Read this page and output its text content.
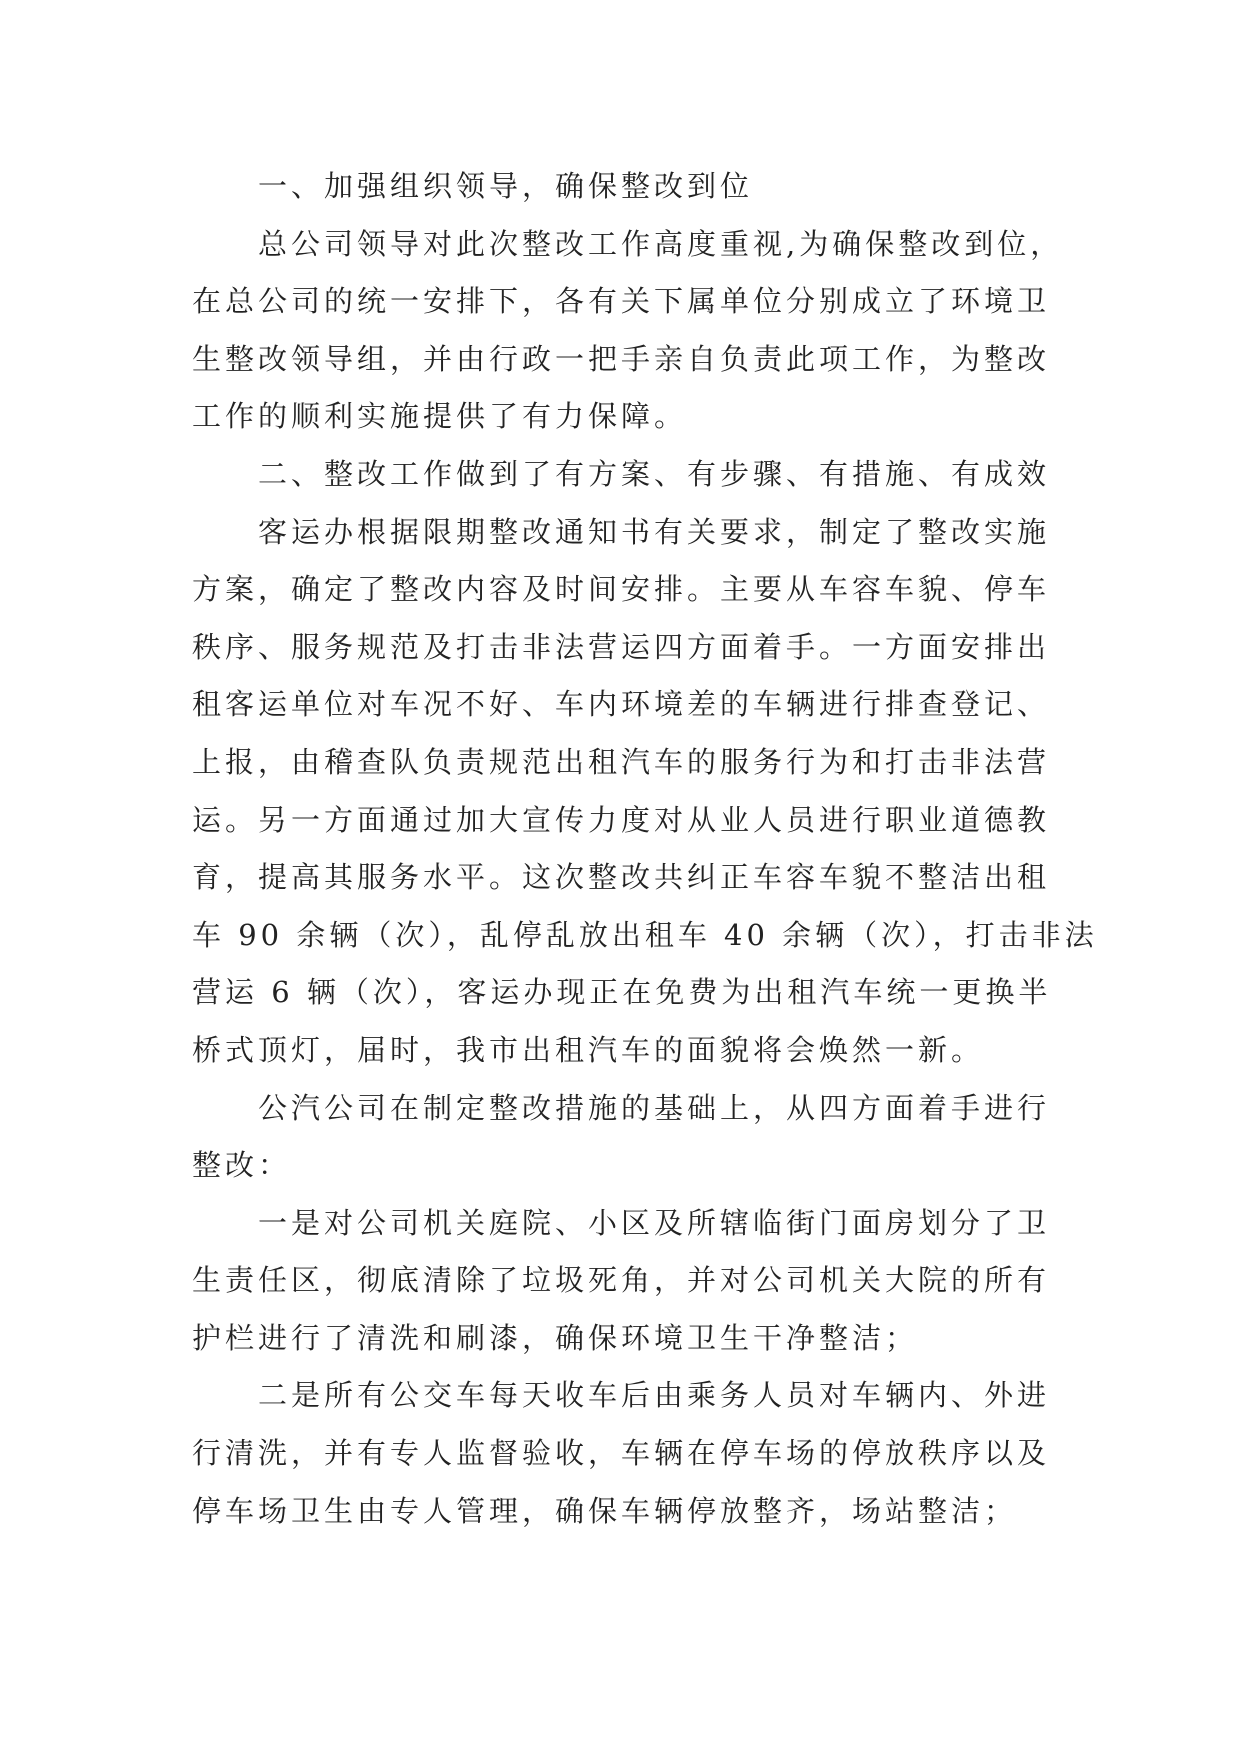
一、加强组织领导，确保整改到位
总公司领导对此次整改工作高度重视,为确保整改到位，
在总公司的统一安排下，各有关下属单位分别成立了环境卫
生整改领导组，并由行政一把手亲自负责此项工作，为整改
工作的顺利实施提供了有力保障。
二、整改工作做到了有方案、有步骤、有措施、有成效
客运办根据限期整改通知书有关要求，制定了整改实施
方案，确定了整改内容及时间安排。主要从车容车貌、停车
秩序、服务规范及打击非法营运四方面着手。一方面安排出
租客运单位对车况不好、车内环境差的车辆进行排查登记、
上报，由稽查队负责规范出租汽车的服务行为和打击非法营
运。另一方面通过加大宣传力度对从业人员进行职业道德教
育，提高其服务水平。这次整改共纠正车容车貌不整洁出租
车 90 余辆（次），乱停乱放出租车 40 余辆（次），打击非法
营运 6 辆（次），客运办现正在免费为出租汽车统一更换半
桥式顶灯，届时，我市出租汽车的面貌将会焕然一新。
公汽公司在制定整改措施的基础上，从四方面着手进行
整改：
一是对公司机关庭院、小区及所辖临街门面房划分了卫
生责任区，彻底清除了垃圾死角，并对公司机关大院的所有
护栏进行了清洗和刷漆，确保环境卫生干净整洁；
二是所有公交车每天收车后由乘务人员对车辆内、外进
行清洗，并有专人监督验收，车辆在停车场的停放秩序以及
停车场卫生由专人管理，确保车辆停放整齐，场站整洁；
